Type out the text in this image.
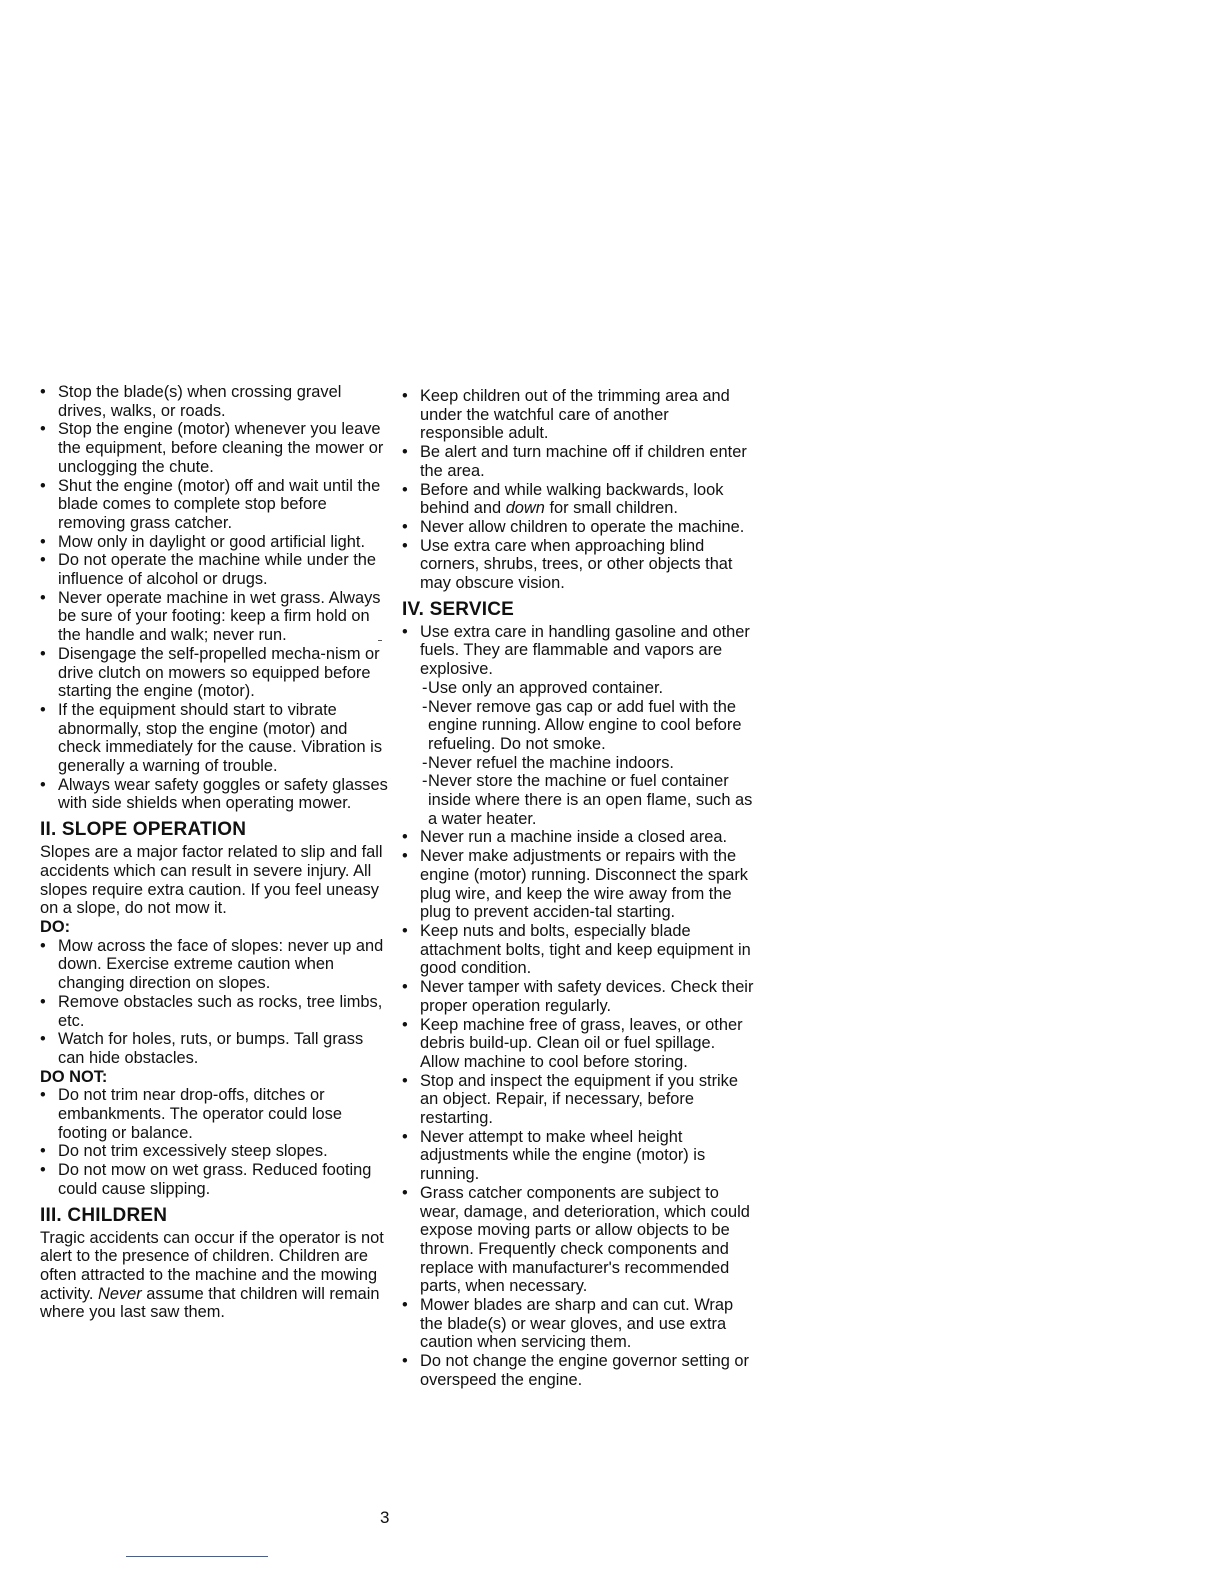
• Stop the blade(s) when crossing gravel drives, walks, or roads.
• Stop the engine (motor) whenever you leave the equipment, before cleaning the mower or unclogging the chute.
• Shut the engine (motor) off and wait until the blade comes to complete stop before removing grass catcher.
• Mow only in daylight or good artificial light.
• Do not operate the machine while under the influence of alcohol or drugs.
• Never operate machine in wet grass. Always be sure of your footing: keep a firm hold on the handle and walk; never run.
• Disengage the self-propelled mecha-nism or drive clutch on mowers so equipped before starting the engine (motor).
• If the equipment should start to vibrate abnormally, stop the engine (motor) and check immediately for the cause. Vibration is generally a warning of trouble.
• Always wear safety goggles or safety glasses with side shields when operating mower.
II. SLOPE OPERATION

Slopes are a major factor related to slip and fall accidents which can result in severe injury. All slopes require extra caution. If you feel uneasy on a slope, do not mow it.

DO:
• Mow across the face of slopes: never up and down. Exercise extreme caution when changing direction on slopes.
• Remove obstacles such as rocks, tree limbs, etc.
• Watch for holes, ruts, or bumps. Tall grass can hide obstacles.
DO NOT:
• Do not trim near drop-offs, ditches or embankments. The operator could lose footing or balance.
• Do not trim excessively steep slopes.
• Do not mow on wet grass. Reduced footing could cause slipping.
III. CHILDREN

Tragic accidents can occur if the operator is not alert to the presence of children. Children are often attracted to the machine and the mowing activity. Never assume that children will remain where you last saw them.

• Keep children out of the trimming area and under the watchful care of another responsible adult.
• Be alert and turn machine off if children enter the area.
• Before and while walking backwards, look behind and down for small children.
• Never allow children to operate the machine.
• Use extra care when approaching blind corners, shrubs, trees, or other objects that may obscure vision.
IV. SERVICE
• Use extra care in handling gasoline and other fuels. They are flammable and vapors are explosive.
- Use only an approved container.
- Never remove gas cap or add fuel with the engine running. Allow engine to cool before refueling. Do not smoke.
- Never refuel the machine indoors.
- Never store the machine or fuel container inside where there is an open flame, such as a water heater.
• Never run a machine inside a closed area.
• Never make adjustments or repairs with the engine (motor) running. Disconnect the spark plug wire, and keep the wire away from the plug to prevent acciden-tal starting.
• Keep nuts and bolts, especially blade attachment bolts, tight and keep equipment in good condition.
• Never tamper with safety devices. Check their proper operation regularly.
• Keep machine free of grass, leaves, or other debris build-up. Clean oil or fuel spillage. Allow machine to cool before storing.
• Stop and inspect the equipment if you strike an object. Repair, if necessary, before restarting.
• Never attempt to make wheel height adjustments while the engine (motor) is running.
• Grass catcher components are subject to wear, damage, and deterioration, which could expose moving parts or allow objects to be thrown. Frequently check components and replace with manufacturer's recommended parts, when necessary.
• Mower blades are sharp and can cut. Wrap the blade(s) or wear gloves, and use extra caution when servicing them.
• Do not change the engine governor setting or overspeed the engine.
3
